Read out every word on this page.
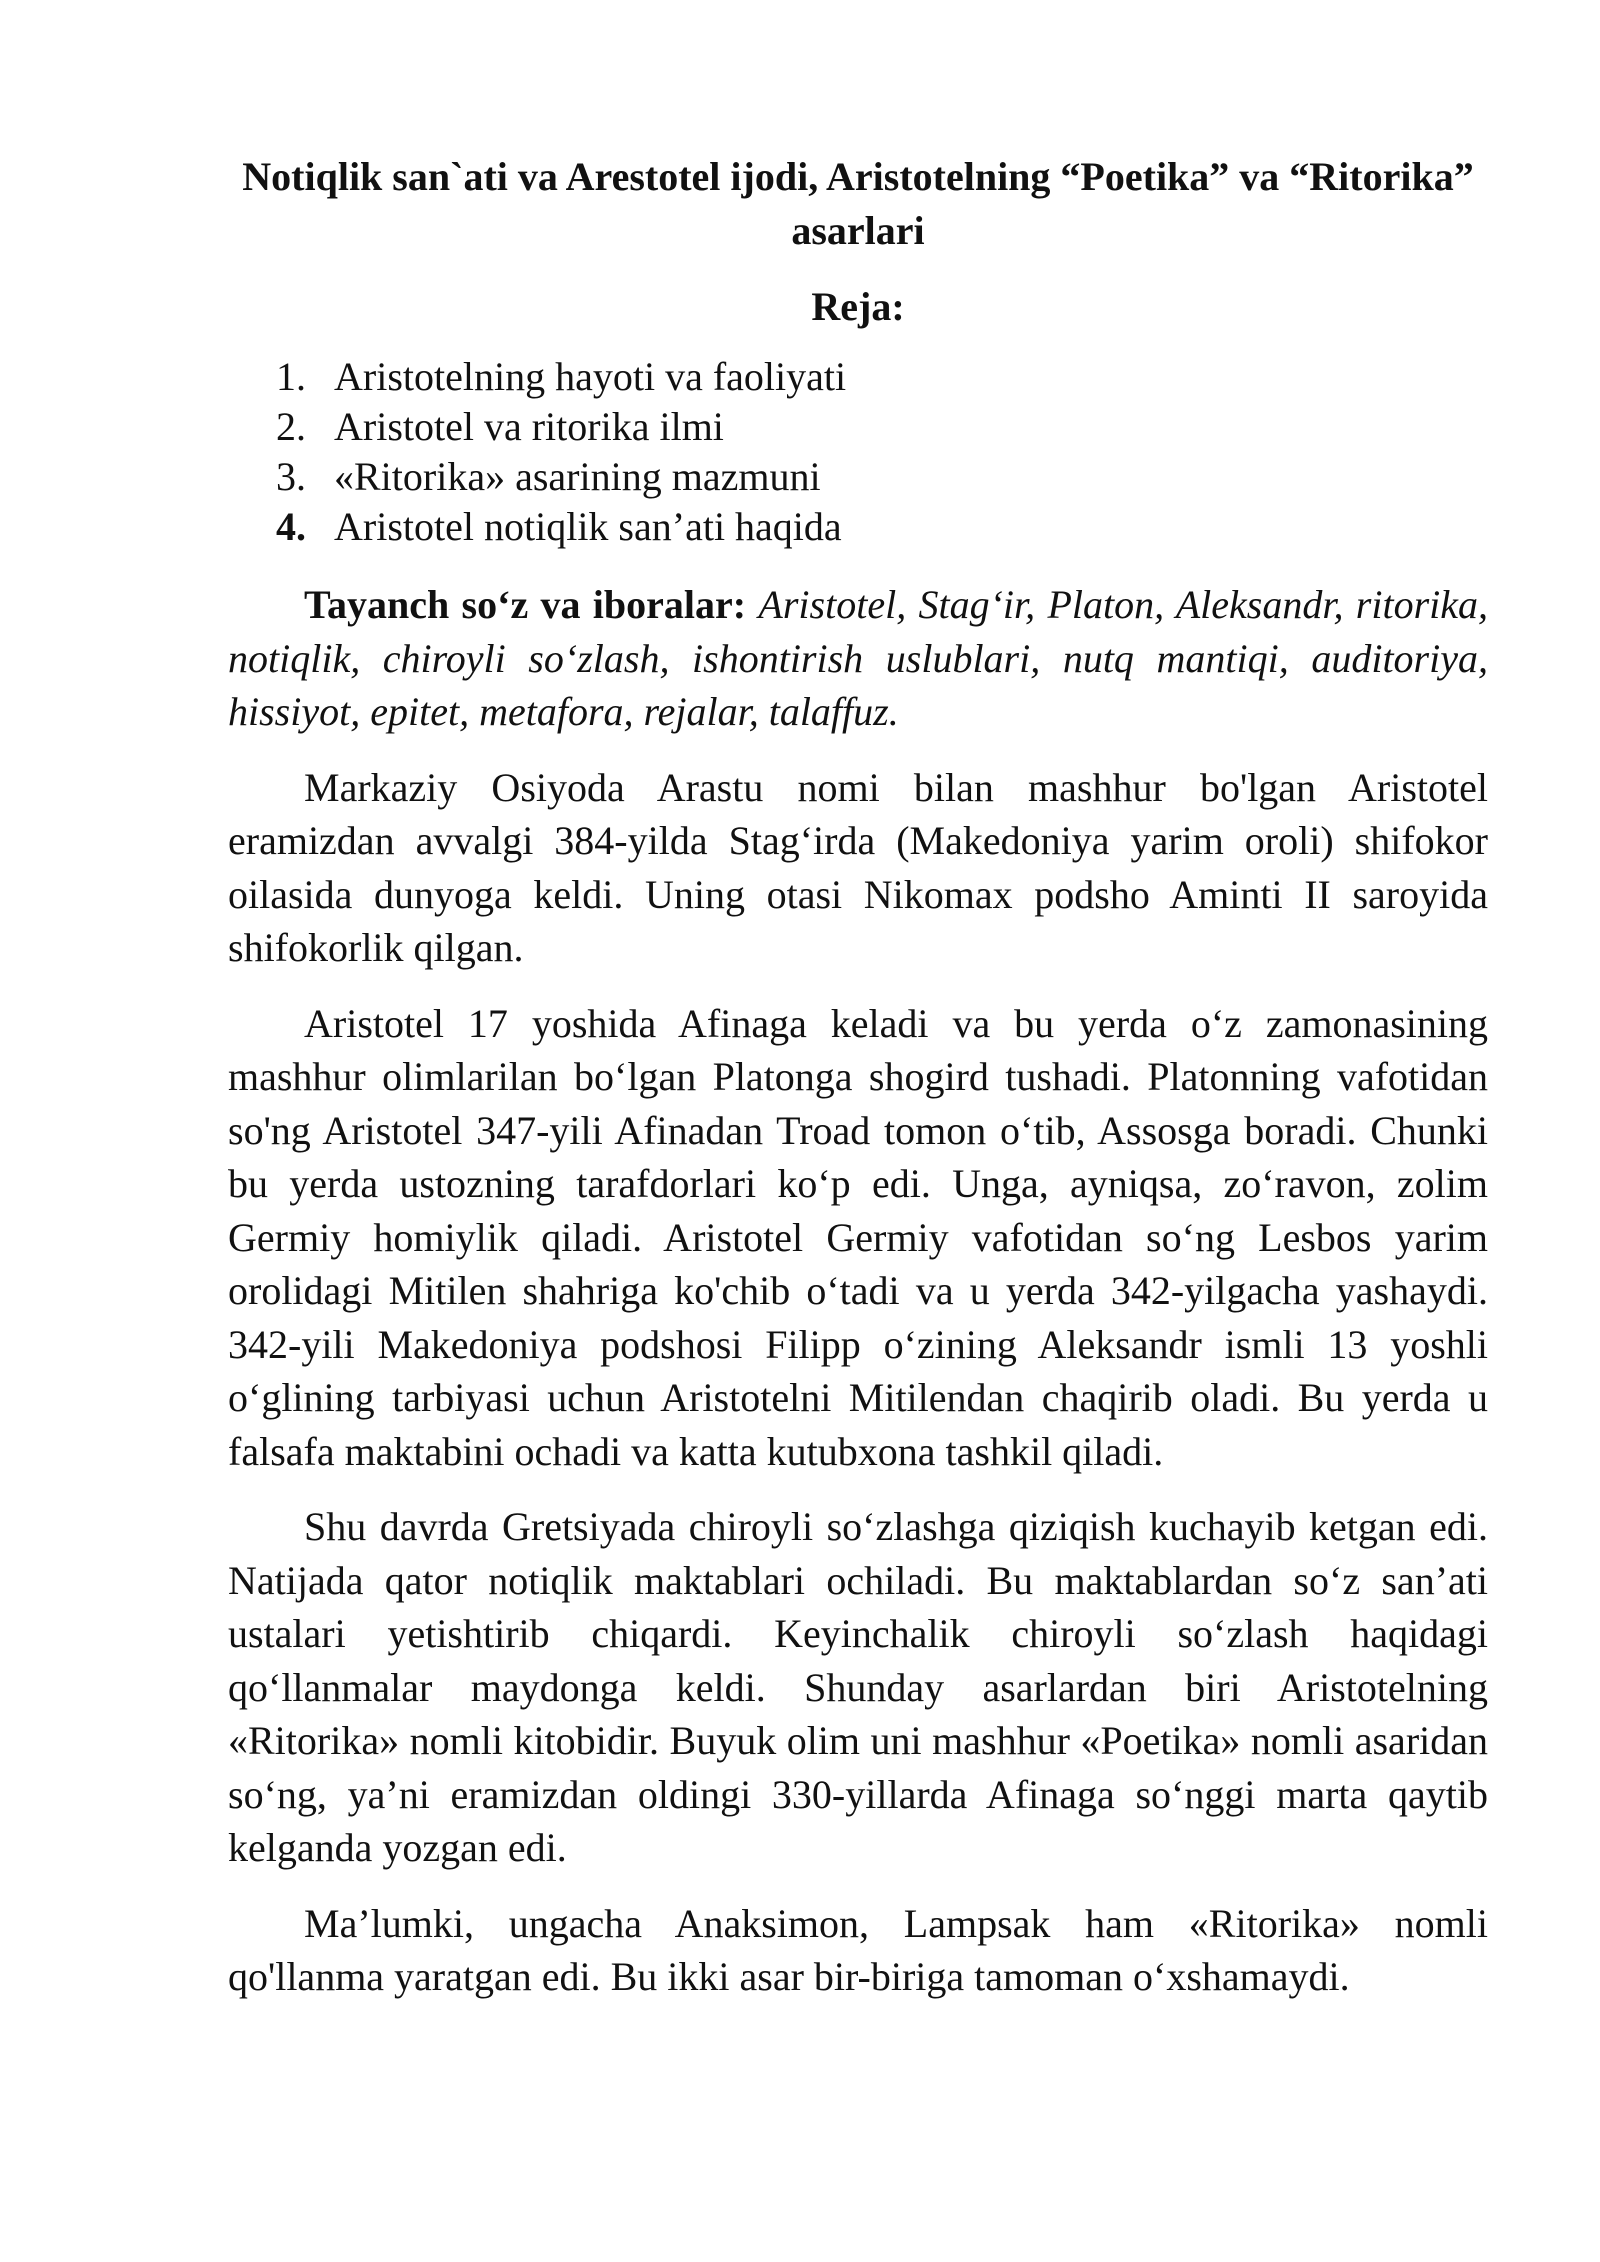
Notiqlik san`ati va Arestotel ijodi, Aristotelning “Poetika” va “Ritorika” asarlari
Reja:
1. Aristotelning hayoti va faoliyati
2. Aristotel va ritorika ilmi
3. «Ritorika» asarining mazmuni
4. Aristotel notiqlik san’ati haqida

Tayanch so‘z va iboralar: Aristotel, Stag‘ir, Platon, Aleksandr, ritorika, notiqlik, chiroyli so‘zlash, ishontirish uslublari, nutq mantiqi, auditoriya, hissiyot, epitet, metafora, rejalar, talaffuz.

Markaziy Osiyoda Arastu nomi bilan mashhur bo'lgan Aristotel eramizdan avvalgi 384-yilda Stag‘irda (Makedoniya yarim oroli) shifokor oilasida dunyoga keldi. Uning otasi Nikomax podsho Aminti II saroyida shifokorlik qilgan.

Aristotel 17 yoshida Afinaga keladi va bu yerda o‘z zamonasining mashhur olimlarilan bo‘lgan Platonga shogird tushadi. Platonning vafotidan so'ng Aristotel 347-yili Afinadan Troad tomon o‘tib, Assosga boradi. Chunki bu yerda ustozning tarafdorlari ko‘p edi. Unga, ayniqsa, zo‘ravon, zolim Germiy homiylik qiladi. Aristotel Germiy vafotidan so‘ng Lesbos yarim orolidagi Mitilen shahriga ko'chib o‘tadi va u yerda 342-yilgacha yashaydi. 342-yili Makedoniya podshosi Filipp o‘zining Aleksandr ismli 13 yoshli o‘glining tarbiyasi uchun Aristotelni Mitilendan chaqirib oladi. Bu yerda u falsafa maktabini ochadi va katta kutubxona tashkil qiladi.

Shu davrda Gretsiyada chiroyli so‘zlashga qiziqish kuchayib ketgan edi. Natijada qator notiqlik maktablari ochiladi. Bu maktablardan so‘z san’ati ustalari yetishtirib chiqardi. Keyinchalik chiroyli so‘zlash haqidagi qo‘llanmalar maydonga keldi. Shunday asarlardan biri Aristotelning «Ritorika» nomli kitobidir. Buyuk olim uni mashhur «Poetika» nomli asaridan so‘ng, ya’ni eramizdan oldingi 330-yillarda Afinaga so‘nggi marta qaytib kelganda yozgan edi.

Ma’lumki, ungacha Anaksimon, Lampsak ham «Ritorika» nomli qo'llanma yaratgan edi. Bu ikki asar bir-biriga tamoman o‘xshamaydi.
